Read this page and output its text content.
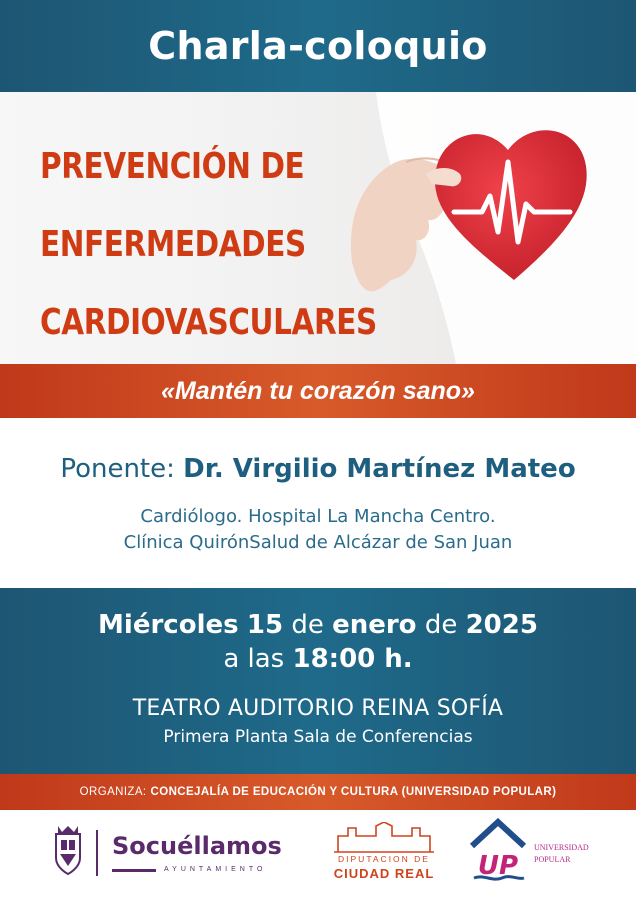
Charla-coloquio
PREVENCIÓN DE
ENFERMEDADES
CARDIOVASCULARES

«Mantén tu corazón sano»

Ponente: Dr. Virgilio Martínez Mateo
Cardiólogo. Hospital La Mancha Centro.
Clínica QuirónSalud de Alcázar de San Juan
Miércoles 15 de enero de 2025
a las 18:00 h.
TEATRO AUDITORIO REINA SOFÍA
Primera Planta Sala de Conferencias
ORGANIZA: CONCEJALÍA DE EDUCACIÓN Y CULTURA (UNIVERSIDAD POPULAR)
Socuéllamos
AYUNTAMIENTO
DIPUTACION DE
CIUDAD REAL UP
UNIVERSIDAD
POPULAR
